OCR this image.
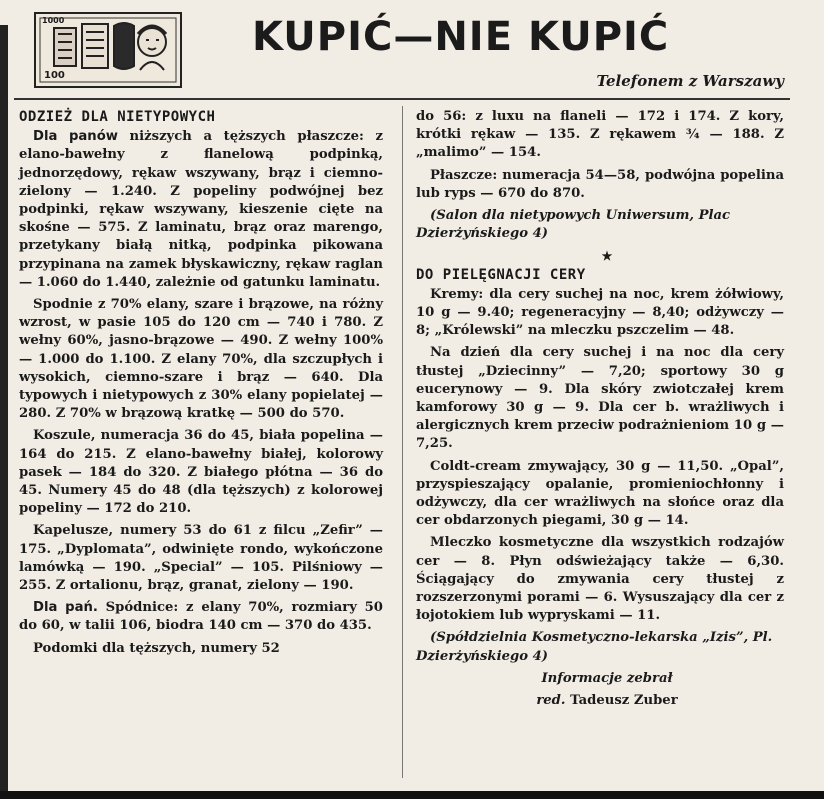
1000
100
KUPIĆ—NIE KUPIĆ
Telefonem z Warszawy
ODZIEŻ DLA NIETYPOWYCH

Dla panów niższych a tęższych płaszcze: z elano-bawełny z flanelową podpinką, jednorzędowy, rękaw wszywany, brąz i ciemno-zielony — 1.240. Z popeliny podwójnej bez podpinki, rękaw wszywany, kieszenie cięte na skośne — 575. Z laminatu, brąz oraz marengo, przetykany białą nitką, podpinka pikowana przypinana na zamek błyskawiczny, rękaw raglan — 1.060 do 1.440, zależnie od gatunku laminatu.

Spodnie z 70% elany, szare i brązowe, na różny wzrost, w pasie 105 do 120 cm — 740 i 780. Z wełny 60%, jasno-brązowe — 490. Z wełny 100% — 1.000 do 1.100. Z elany 70%, dla szczupłych i wysokich, ciemno-szare i brąz — 640. Dla typowych i nietypowych z 30% elany popielatej — 280. Z 70% w brązową kratkę — 500 do 570.

Koszule, numeracja 36 do 45, biała popelina — 164 do 215. Z elano-bawełny białej, kolorowy pasek — 184 do 320. Z białego płótna — 36 do 45. Numery 45 do 48 (dla tęższych) z kolorowej popeliny — 172 do 210.

Kapelusze, numery 53 do 61 z filcu „Zefir” — 175. „Dyplomata”, odwinięte rondo, wykończone lamówką — 190. „Special” — 105. Pilśniowy — 255. Z ortalionu, brąz, granat, zielony — 190.

Dla pań. Spódnice: z elany 70%, rozmiary 50 do 60, w talii 106, biodra 140 cm — 370 do 435.

Podomki dla tęższych, numery 52

do 56: z luxu na flaneli — 172 i 174. Z kory, krótki rękaw — 135. Z rękawem ¾ — 188. Z „malimo” — 154.

Płaszcze: numeracja 54—58, podwójna popelina lub ryps — 670 do 870.

(Salon dla nietypowych Uniwersum, Plac Dzierżyńskiego 4)

★

DO PIELĘGNACJI CERY

Kremy: dla cery suchej na noc, krem żółwiowy, 10 g — 9.40; regeneracyjny — 8,40; odżywczy — 8; „Królewski” na mleczku pszczelim — 48.

Na dzień dla cery suchej i na noc dla cery tłustej „Dziecinny” — 7,20; sportowy 30 g eucerynowy — 9. Dla skóry zwiotczałej krem kamforowy 30 g — 9. Dla cer b. wrażliwych i alergicznych krem przeciw podrażnieniom 10 g — 7,25.

Coldt-cream zmywający, 30 g — 11,50. „Opal”, przyspieszający opalanie, promieniochłonny i odżywczy, dla cer wrażliwych na słońce oraz dla cer obdarzonych piegami, 30 g — 14.

Mleczko kosmetyczne dla wszystkich rodzajów cer — 8. Płyn odświeżający także — 6,30. Ściągający do zmywania cery tłustej z rozszerzonymi porami — 6. Wysuszający dla cer z łojotokiem lub wypryskami — 11.

(Spółdzielnia Kosmetyczno-lekarska „Izis”, Pl. Dzierżyńskiego 4)

Informacje zebrał

red. Tadeusz Zuber
